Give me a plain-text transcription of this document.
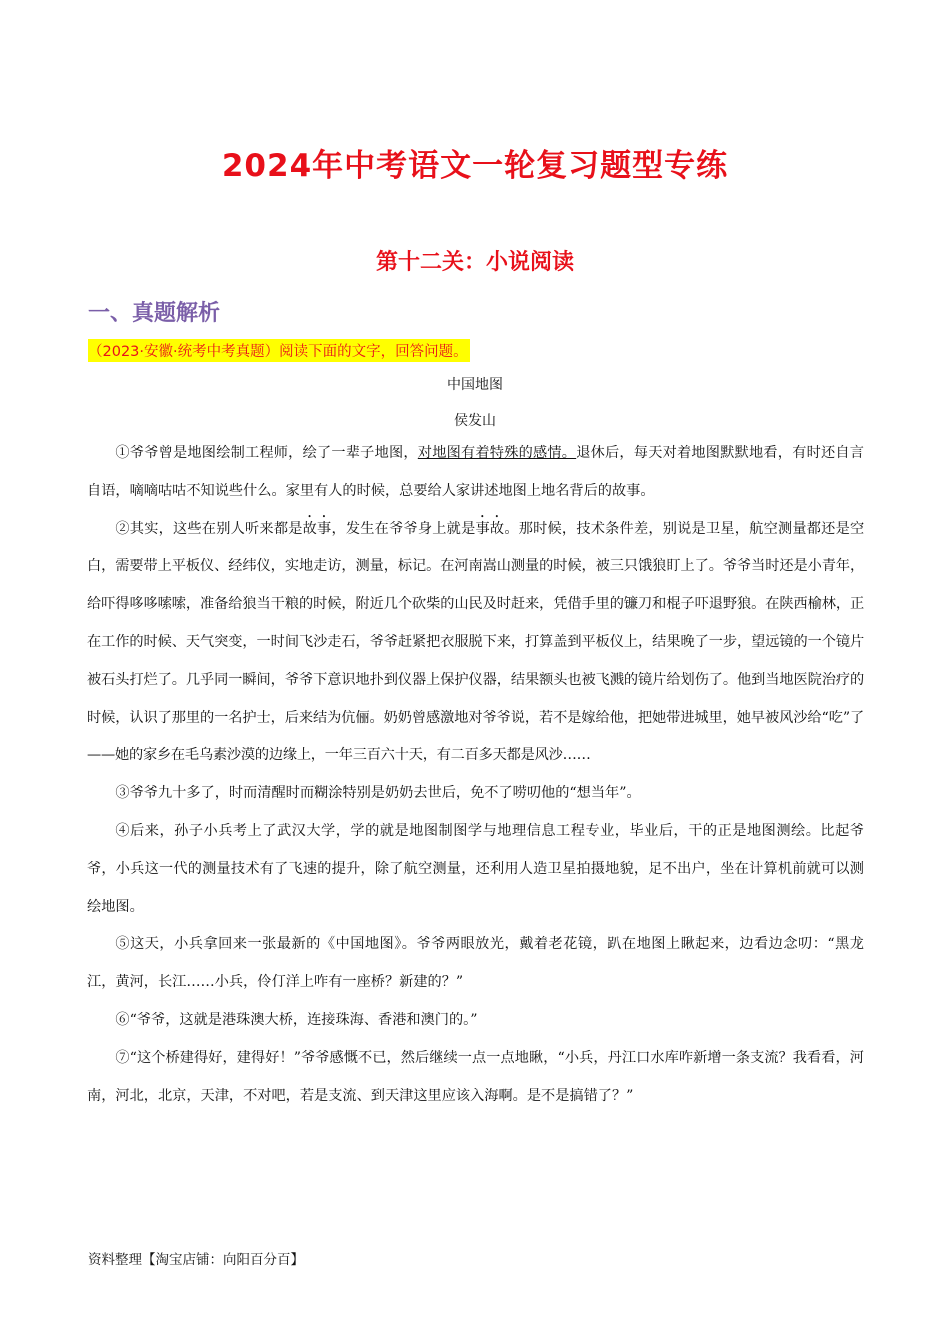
2024年中考语文一轮复习题型专练
第十二关：小说阅读
一、真题解析
（2023·安徽·统考中考真题）阅读下面的文字，回答问题。

中国地图

侯发山

①爷爷曾是地图绘制工程师，绘了一辈子地图，对地图有着特殊的感情。退休后，每天对着地图默默地看，有时还自言自语，嘀嘀咕咕不知说些什么。家里有人的时候，总要给人家讲述地图上地名背后的故事。

②其实，这些在别人听来都是故事，发生在爷爷身上就是事故。那时候，技术条件差，别说是卫星，航空测量都还是空白，需要带上平板仪、经纬仪，实地走访，测量，标记。在河南嵩山测量的时候，被三只饿狼盯上了。爷爷当时还是小青年，给吓得哆哆嗦嗦，准备给狼当干粮的时候，附近几个砍柴的山民及时赶来，凭借手里的镰刀和棍子吓退野狼。在陕西榆林，正在工作的时候、天气突变，一时间飞沙走石，爷爷赶紧把衣服脱下来，打算盖到平板仪上，结果晚了一步，望远镜的一个镜片被石头打烂了。几乎同一瞬间，爷爷下意识地扑到仪器上保护仪器，结果额头也被飞溅的镜片给划伤了。他到当地医院治疗的时候，认识了那里的一名护士，后来结为伉俪。奶奶曾感激地对爷爷说，若不是嫁给他，把她带进城里，她早被风沙给“吃”了——她的家乡在毛乌素沙漠的边缘上，一年三百六十天，有二百多天都是风沙……

③爷爷九十多了，时而清醒时而糊涂特别是奶奶去世后，免不了唠叨他的“想当年”。

④后来，孙子小兵考上了武汉大学，学的就是地图制图学与地理信息工程专业，毕业后，干的正是地图测绘。比起爷爷，小兵这一代的测量技术有了飞速的提升，除了航空测量，还利用人造卫星拍摄地貌，足不出户，坐在计算机前就可以测绘地图。

⑤这天，小兵拿回来一张最新的《中国地图》。爷爷两眼放光，戴着老花镜，趴在地图上瞅起来，边看边念叨：“黑龙江，黄河，长江……小兵，伶仃洋上咋有一座桥？新建的？”

⑥“爷爷，这就是港珠澳大桥，连接珠海、香港和澳门的。”

⑦“这个桥建得好，建得好！”爷爷感慨不已，然后继续一点一点地瞅，“小兵，丹江口水库咋新增一条支流？我看看，河南，河北，北京，天津，不对吧，若是支流、到天津这里应该入海啊。是不是搞错了？”

资料整理【淘宝店铺：向阳百分百】
